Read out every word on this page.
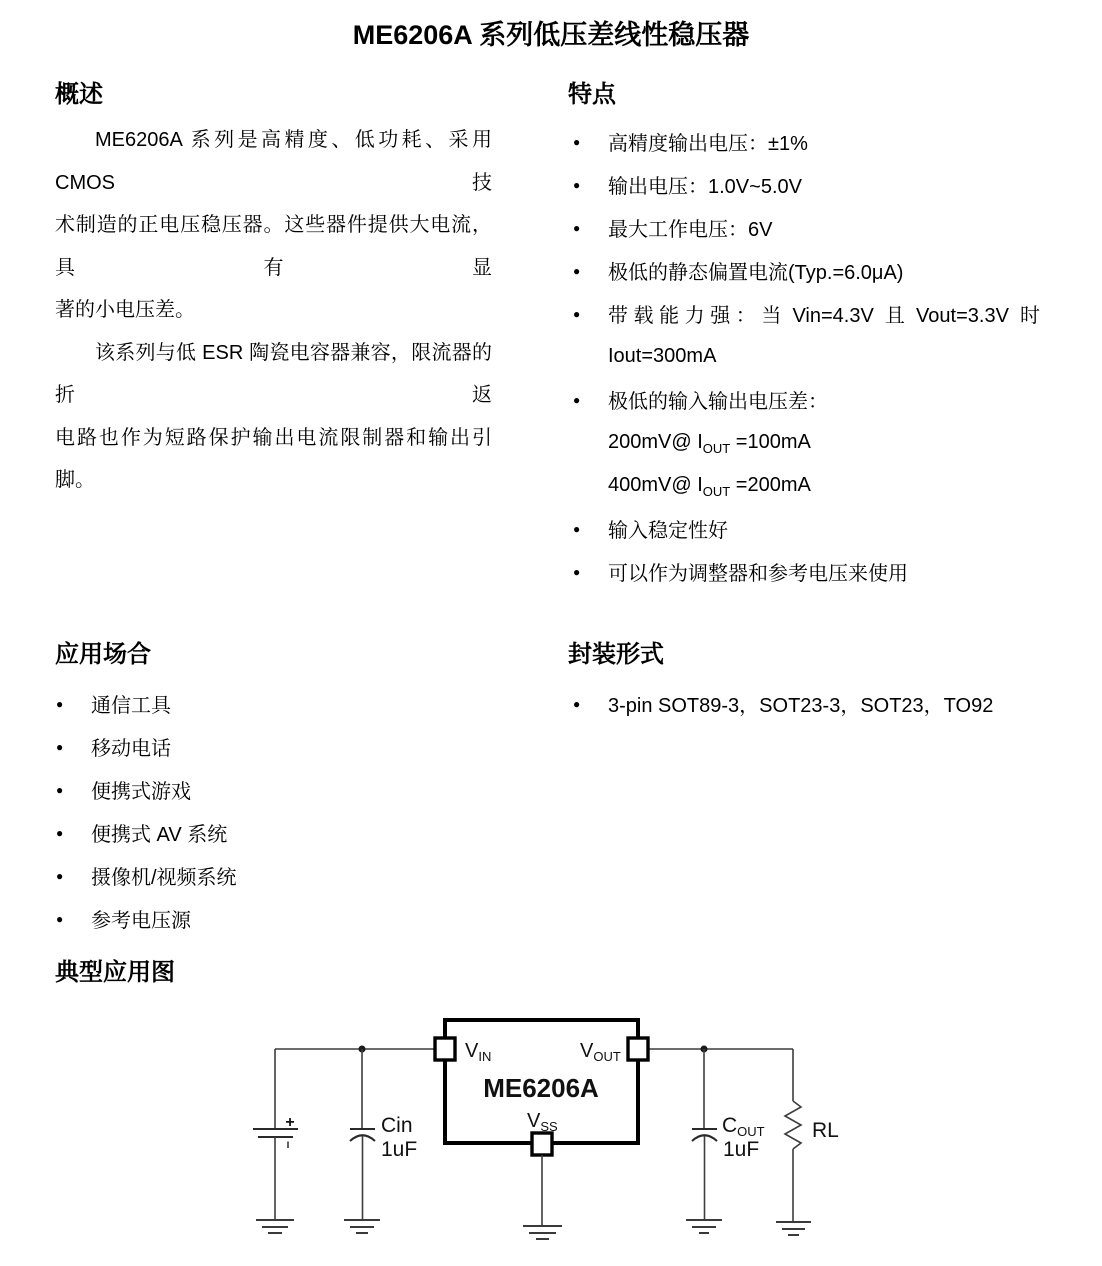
ME6206A 系列低压差线性稳压器
概述	特点
应用场合	封装形式
典型应用图
ME6206A 系列是高精度、低功耗、采用 CMOS 技
术制造的正电压稳压器。这些器件提供大电流，具有显
著的小电压差。
该系列与低 ESR 陶瓷电容器兼容，限流器的折返
电路也作为短路保护输出电流限制器和输出引脚。
●	高精度输出电压：±1%
●	输出电压：1.0V~5.0V
●	最大工作电压：6V
●	极低的静态偏置电流(Typ.=6.0μA)
●	带 载 能 力 强 ： 当  Vin=4.3V  且  Vout=3.3V  时
Iout=300mA
●	极低的输入输出电压差：
200mV@ $I_{OUT} =100mA$
400mV@ $I_{OUT} =200mA$
●	输入稳定性好
●	可以作为调整器和参考电压来使用
●	通信工具
●	移动电话
●	便携式游戏
●	便携式 AV 系统
●	摄像机/视频系统
●	参考电压源
●	3-pin SOT89-3，SOT23-3，SOT23，TO92
+	Cin
1uF
ME6206A
$V_{IN}$	$V_{OUT}$
$V_{SS}$	COUT
1uF
RL
